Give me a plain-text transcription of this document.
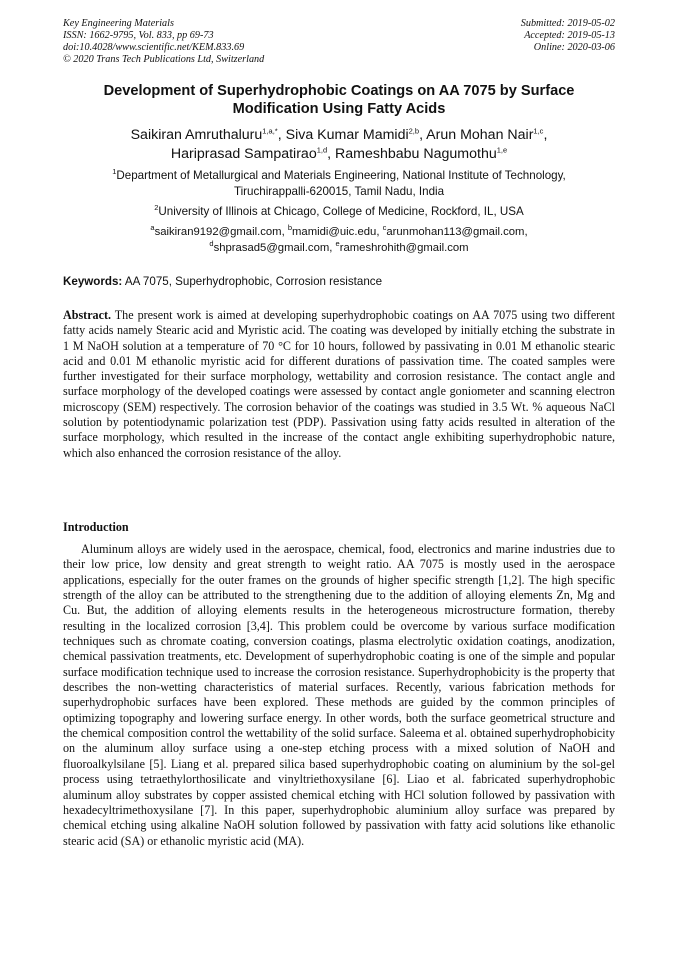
Key Engineering Materials
ISSN: 1662-9795, Vol. 833, pp 69-73
doi:10.4028/www.scientific.net/KEM.833.69
© 2020 Trans Tech Publications Ltd, Switzerland
Submitted: 2019-05-02
Accepted: 2019-05-13
Online: 2020-03-06
Development of Superhydrophobic Coatings on AA 7075 by Surface
Modification Using Fatty Acids
Saikiran Amruthaluru$^{1,a,*}$, Siva Kumar Mamidi$^{2,b}$, Arun Mohan Nair$^{1,c}$,
Hariprasad Sampatirao$^{1,d}$, Rameshbabu Nagumothu$^{1,e}$
$^1$Department of Metallurgical and Materials Engineering, National Institute of Technology,
Tiruchirappalli-620015, Tamil Nadu, India
$^2$University of Illinois at Chicago, College of Medicine, Rockford, IL, USA
$^a$saikiran9192@gmail.com, $^b$mamidi@uic.edu, $^c$arunmohan113@gmail.com,
$^d$shprasad5@gmail.com, $^e$rameshrohith@gmail.com
Keywords: AA 7075, Superhydrophobic, Corrosion resistance
Abstract. The present work is aimed at developing superhydrophobic coatings on AA 7075 using two different fatty acids namely Stearic acid and Myristic acid. The coating was developed by initially etching the substrate in 1 M NaOH solution at a temperature of 70 °C for 10 hours, followed by passivating in 0.01 M ethanolic stearic acid and 0.01 M ethanolic myristic acid for different durations of passivation time. The coated samples were further investigated for their surface morphology, wettability and corrosion resistance. The contact angle and surface morphology of the developed coatings were assessed by contact angle goniometer and scanning electron microscopy (SEM) respectively. The corrosion behavior of the coatings was studied in 3.5 Wt. % aqueous NaCl solution by potentiodynamic polarization test (PDP). Passivation using fatty acids resulted in alteration of the surface morphology, which resulted in the increase of the contact angle exhibiting superhydrophobic nature, which also enhanced the corrosion resistance of the alloy.
Introduction

Aluminum alloys are widely used in the aerospace, chemical, food, electronics and marine industries due to their low price, low density and great strength to weight ratio. AA 7075 is mostly used in the aerospace applications, especially for the outer frames on the grounds of higher specific strength [1,2]. The high specific strength of the alloy can be attributed to the strengthening due to the addition of alloying elements Zn, Mg and Cu. But, the addition of alloying elements results in the heterogeneous microstructure formation, thereby resulting in the localized corrosion [3,4]. This problem could be overcome by various surface modification techniques such as chromate coating, conversion coatings, plasma electrolytic oxidation coatings, anodization, chemical passivation treatments, etc. Development of superhydrophobic coating is one of the simple and popular surface modification technique used to increase the corrosion resistance. Superhydrophobicity is the property that describes the non-wetting characteristics of material surfaces. Recently, various fabrication methods for superhydrophobic surfaces have been explored. These methods are guided by the common principles of optimizing topography and lowering surface energy. In other words, both the surface geometrical structure and the chemical composition control the wettability of the solid surface. Saleema et al. obtained superhydrophobicity on the aluminum alloy surface using a one-step etching process with a mixed solution of NaOH and fluoroalkylsilane [5]. Liang et al. prepared silica based superhydrophobic coating on aluminium by the sol-gel process using tetraethylorthosilicate and vinyltriethoxysilane [6]. Liao et al. fabricated superhydrophobic aluminum alloy substrates by copper assisted chemical etching with HCl solution followed by passivation with hexadecyltrimethoxysilane [7]. In this paper, superhydrophobic aluminium alloy surface was prepared by chemical etching using alkaline NaOH solution followed by passivation with fatty acid solutions like ethanolic stearic acid (SA) or ethanolic myristic acid (MA).
